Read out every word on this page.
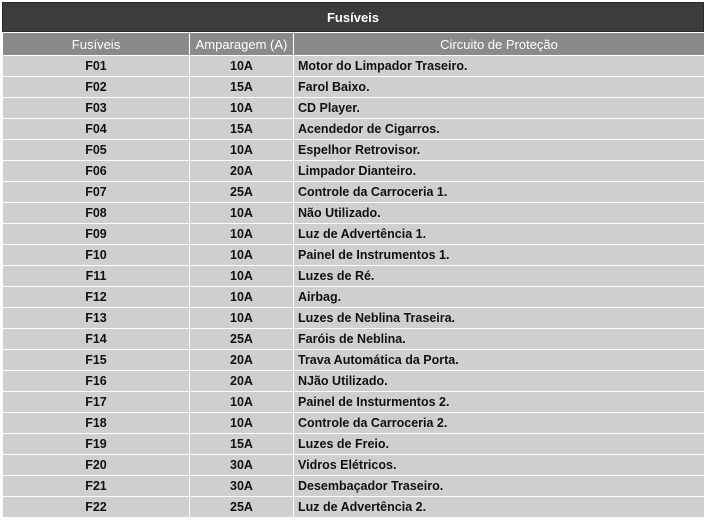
Fusíveis
Fusíveis	Amparagem (A)	Circuito de Proteção
F01	10A	Motor do Limpador Traseiro.
F02	15A	Farol Baixo.
F03	10A	CD Player.
F04	15A	Acendedor de Cigarros.
F05	10A	Espelhor Retrovisor.
F06	20A	Limpador Dianteiro.
F07	25A	Controle da Carroceria 1.
F08	10A	Não Utilizado.
F09	10A	Luz de Advertência 1.
F10	10A	Painel de Instrumentos 1.
F11	10A	Luzes de Ré.
F12	10A	Airbag.
F13	10A	Luzes de Neblina Traseira.
F14	25A	Faróis de Neblina.
F15	20A	Trava Automática da Porta.
F16	20A	NJão Utilizado.
F17	10A	Painel de Insturmentos 2.
F18	10A	Controle da Carroceria 2.
F19	15A	Luzes de Freio.
F20	30A	Vidros Elétricos.
F21	30A	Desembaçador Traseiro.
F22	25A	Luz de Advertência 2.
